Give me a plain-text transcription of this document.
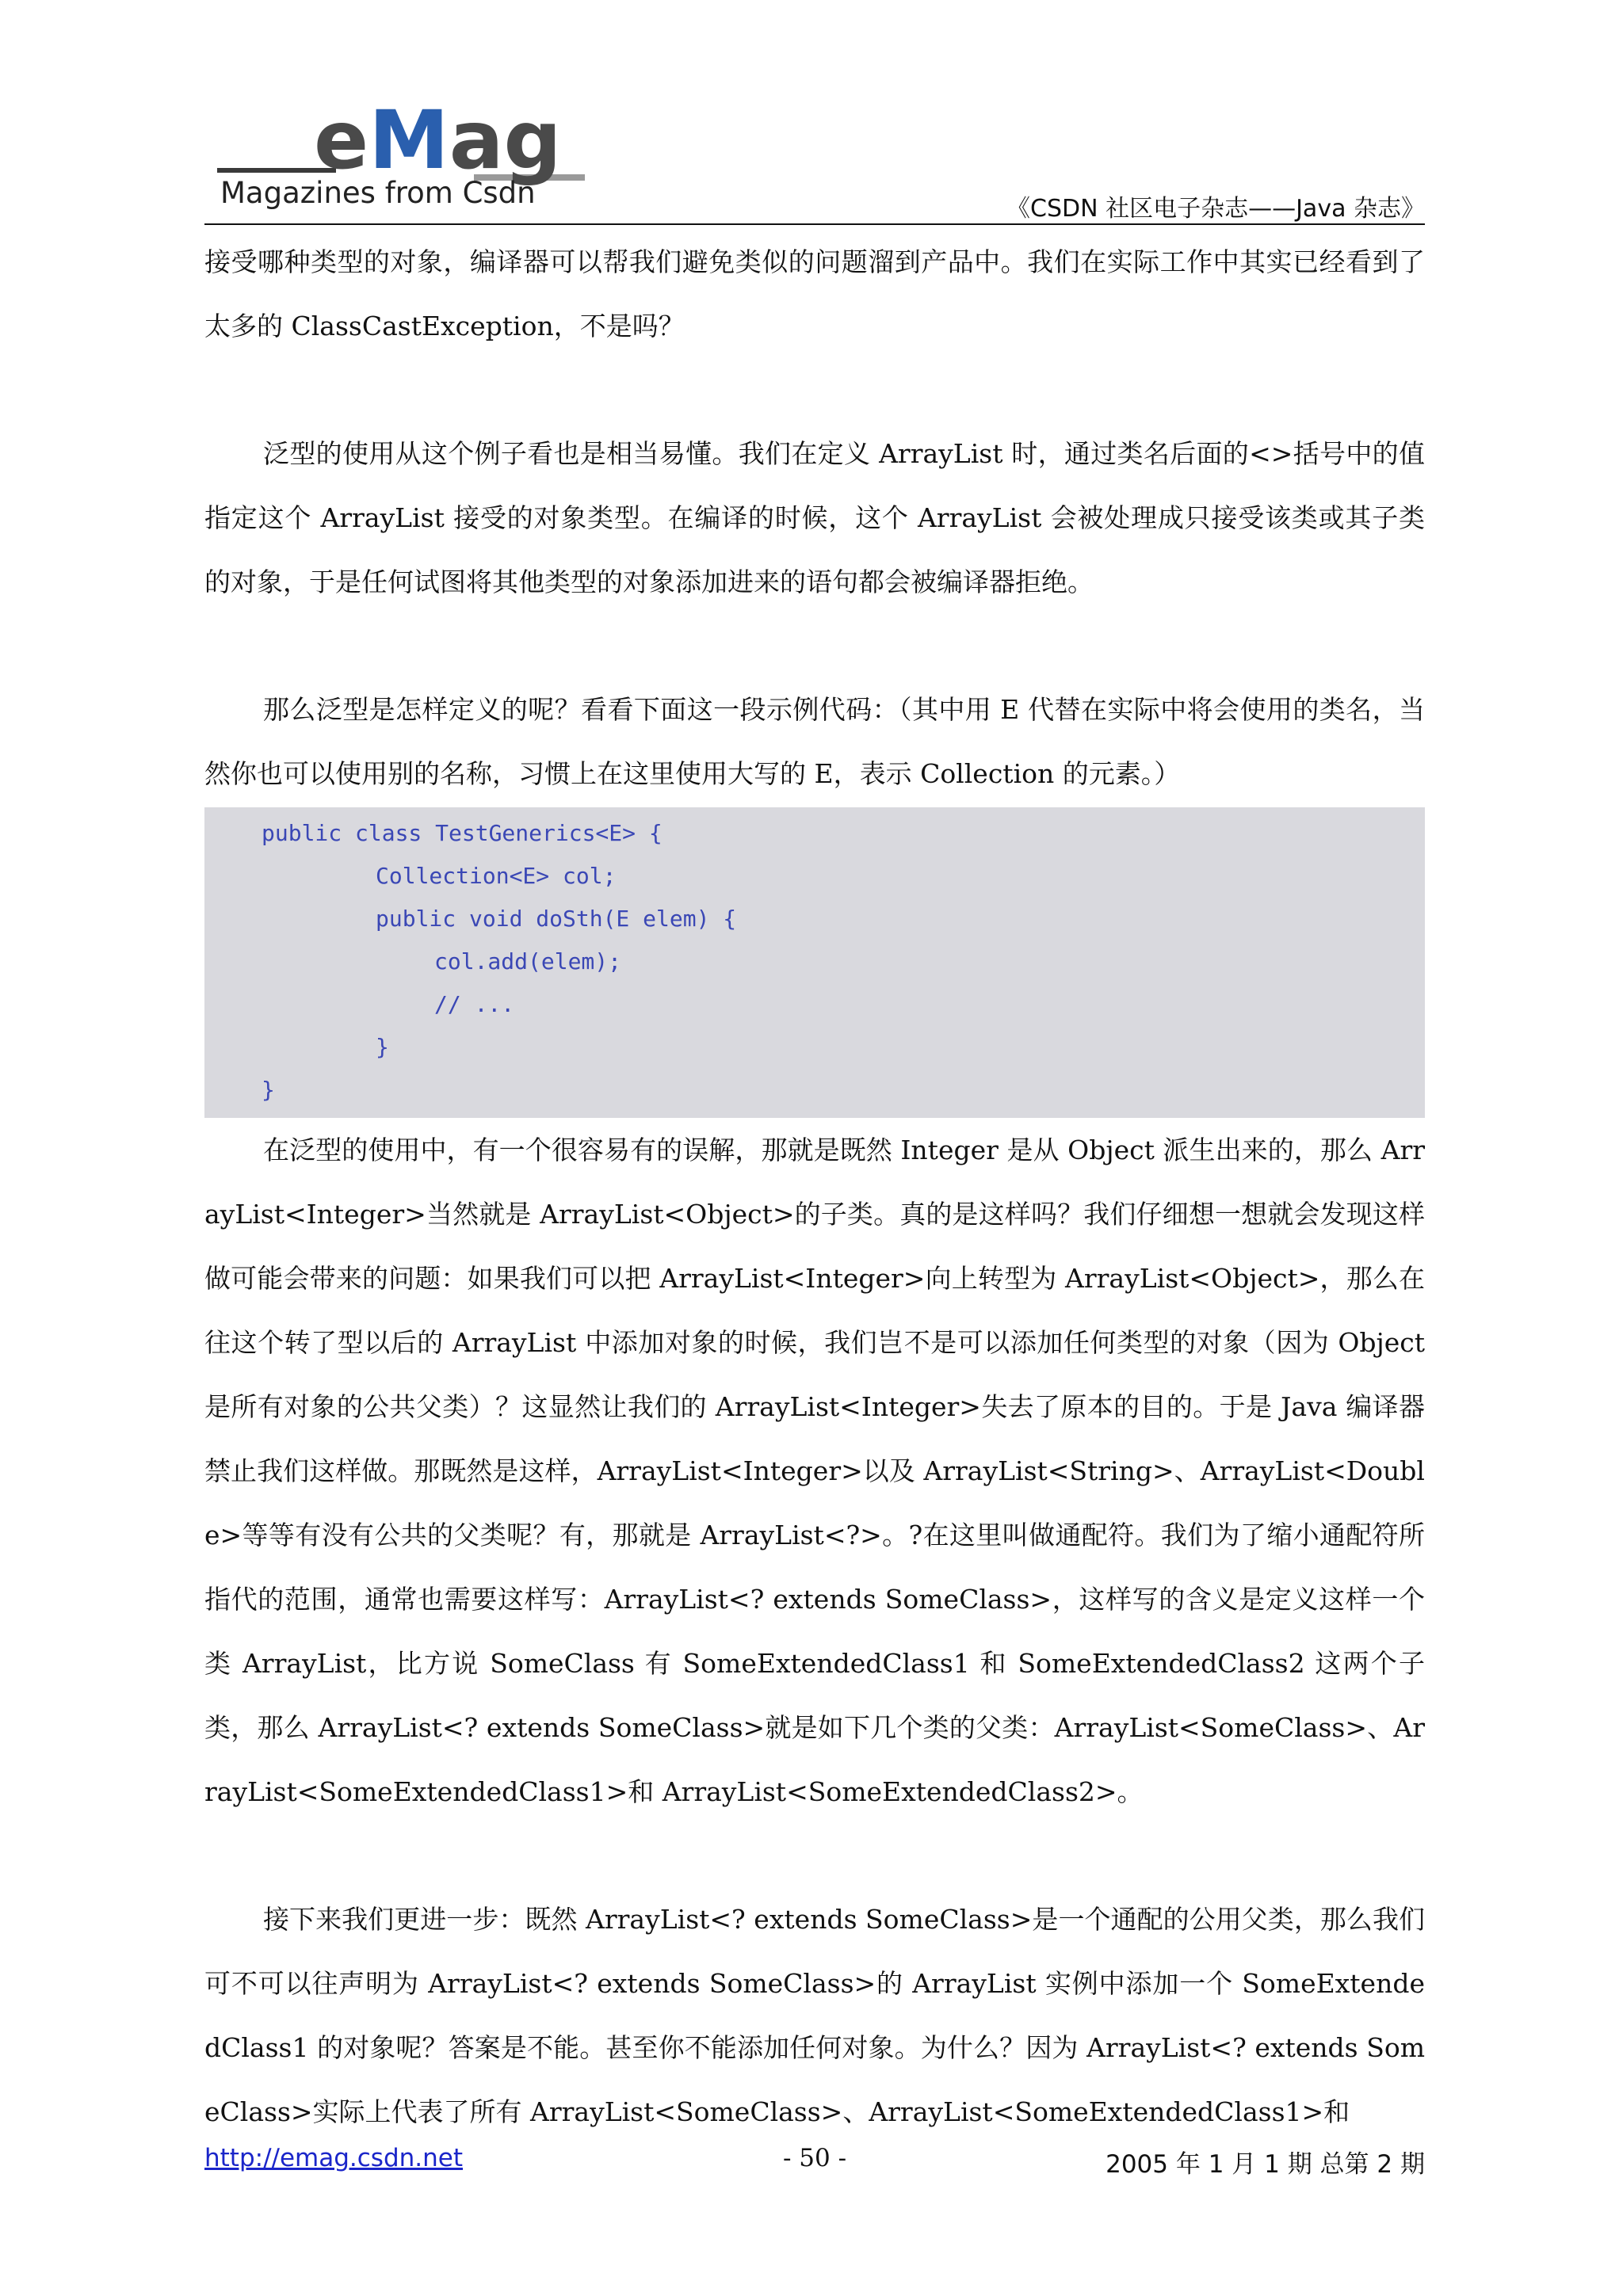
eMag
Magazines from Csdn	《CSDN 社区电子杂志——Java 杂志》

接受哪种类型的对象，编译器可以帮我们避免类似的问题溜到产品中。我们在实际工作中其实已经看到了太多的 ClassCastException，不是吗？

泛型的使用从这个例子看也是相当易懂。我们在定义 ArrayList 时，通过类名后面的<>括号中的值指定这个 ArrayList 接受的对象类型。在编译的时候，这个 ArrayList 会被处理成只接受该类或其子类的对象，于是任何试图将其他类型的对象添加进来的语句都会被编译器拒绝。

那么泛型是怎样定义的呢？看看下面这一段示例代码：（其中用 E 代替在实际中将会使用的类名，当然你也可以使用别的名称，习惯上在这里使用大写的 E，表示 Collection 的元素。）

public class TestGenerics<E> {
Collection<E> col;
public void doSth(E elem) {
col.add(elem);
// ...
}
}

在泛型的使用中，有一个很容易有的误解，那就是既然 Integer 是从 Object 派生出来的，那么 ArrayList<Integer>当然就是 ArrayList<Object>的子类。真的是这样吗？我们仔细想一想就会发现这样做可能会带来的问题：如果我们可以把 ArrayList<Integer>向上转型为 ArrayList<Object>，那么在往这个转了型以后的 ArrayList 中添加对象的时候，我们岂不是可以添加任何类型的对象（因为 Object 是所有对象的公共父类）？这显然让我们的 ArrayList<Integer>失去了原本的目的。于是 Java 编译器禁止我们这样做。那既然是这样，ArrayList<Integer>以及 ArrayList<String>、ArrayList<Double>等等有没有公共的父类呢？有，那就是 ArrayList<?>。?在这里叫做通配符。我们为了缩小通配符所指代的范围，通常也需要这样写：ArrayList<? extends SomeClass>，这样写的含义是定义这样一个类 ArrayList，比方说 SomeClass 有 SomeExtendedClass1 和 SomeExtendedClass2 这两个子类，那么 ArrayList<? extends SomeClass>就是如下几个类的父类：ArrayList<SomeClass>、ArrayList<SomeExtendedClass1>和 ArrayList<SomeExtendedClass2>。

接下来我们更进一步：既然 ArrayList<? extends SomeClass>是一个通配的公用父类，那么我们可不可以往声明为 ArrayList<? extends SomeClass>的 ArrayList 实例中添加一个 SomeExtendedClass1 的对象呢？答案是不能。甚至你不能添加任何对象。为什么？因为 ArrayList<? extends SomeClass>实际上代表了所有 ArrayList<SomeClass>、ArrayList<SomeExtendedClass1>和

http://emag.csdn.net	- 50 -	2005 年 1 月 1 期 总第 2 期
